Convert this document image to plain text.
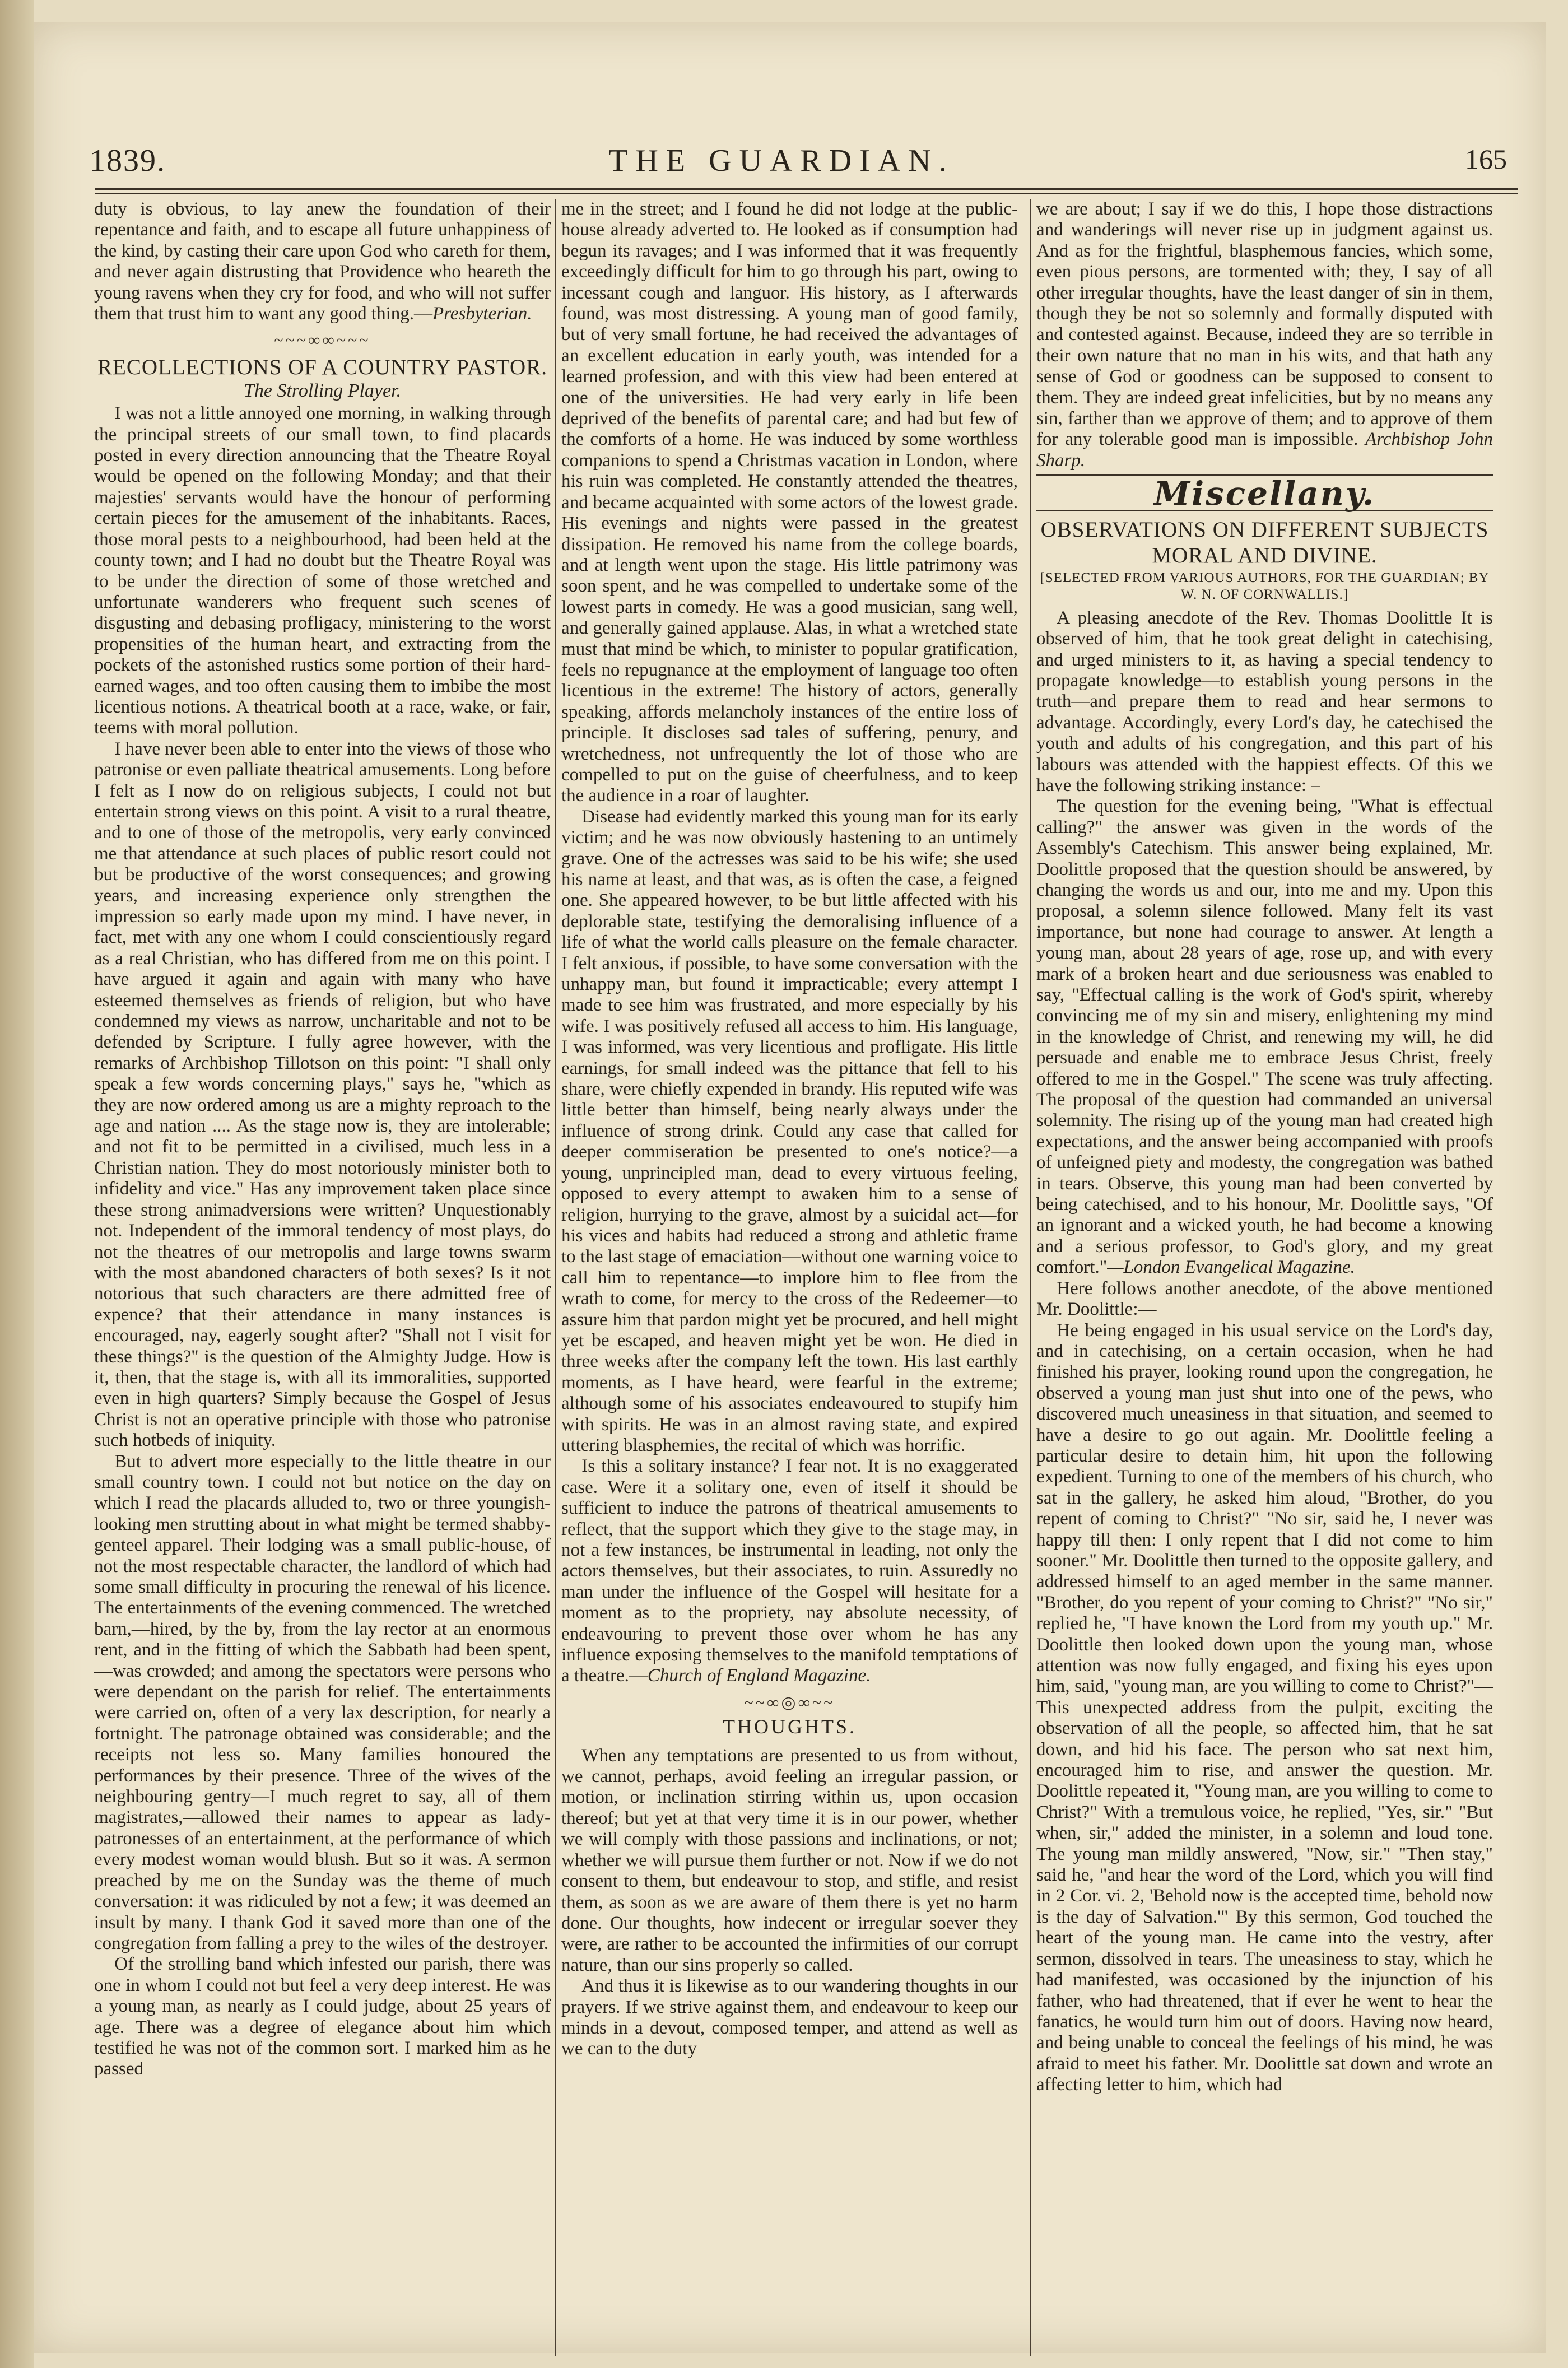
1839.	THE GUARDIAN.	165

duty is obvious, to lay anew the foundation of their repentance and faith, and to escape all future unhappiness of the kind, by casting their care upon God who careth for them, and never again distrusting that Providence who heareth the young ravens when they cry for food, and who will not suffer them that trust him to want any good thing.—Presbyterian.

~~~∞∞~~~
RECOLLECTIONS OF A COUNTRY PASTOR.
The Strolling Player.

I was not a little annoyed one morning, in walking through the principal streets of our small town, to find placards posted in every direction announcing that the Theatre Royal would be opened on the following Monday; and that their majesties' servants would have the honour of performing certain pieces for the amusement of the inhabitants. Races, those moral pests to a neighbourhood, had been held at the county town; and I had no doubt but the Theatre Royal was to be under the direction of some of those wretched and unfortunate wanderers who frequent such scenes of disgusting and debasing profligacy, ministering to the worst propensities of the human heart, and extracting from the pockets of the astonished rustics some portion of their hard-earned wages, and too often causing them to imbibe the most licentious notions. A theatrical booth at a race, wake, or fair, teems with moral pollution.

I have never been able to enter into the views of those who patronise or even palliate theatrical amusements. Long before I felt as I now do on religious subjects, I could not but entertain strong views on this point. A visit to a rural theatre, and to one of those of the metropolis, very early convinced me that attendance at such places of public resort could not but be productive of the worst consequences; and growing years, and increasing experience only strengthen the impression so early made upon my mind. I have never, in fact, met with any one whom I could conscientiously regard as a real Christian, who has differed from me on this point. I have argued it again and again with many who have esteemed themselves as friends of religion, but who have condemned my views as narrow, uncharitable and not to be defended by Scripture. I fully agree however, with the remarks of Archbishop Tillotson on this point: "I shall only speak a few words concerning plays," says he, "which as they are now ordered among us are a mighty reproach to the age and nation .... As the stage now is, they are intolerable; and not fit to be permitted in a civilised, much less in a Christian nation. They do most notoriously minister both to infidelity and vice." Has any improvement taken place since these strong animadversions were written? Unquestionably not. Independent of the immoral tendency of most plays, do not the theatres of our metropolis and large towns swarm with the most abandoned characters of both sexes? Is it not notorious that such characters are there admitted free of expence? that their attendance in many instances is encouraged, nay, eagerly sought after? "Shall not I visit for these things?" is the question of the Almighty Judge. How is it, then, that the stage is, with all its immoralities, supported even in high quarters? Simply because the Gospel of Jesus Christ is not an operative principle with those who patronise such hotbeds of iniquity.

But to advert more especially to the little theatre in our small country town. I could not but notice on the day on which I read the placards alluded to, two or three youngish-looking men strutting about in what might be termed shabby-genteel apparel. Their lodging was a small public-house, of not the most respectable character, the landlord of which had some small difficulty in procuring the renewal of his licence. The entertainments of the evening commenced. The wretched barn,—hired, by the by, from the lay rector at an enormous rent, and in the fitting of which the Sabbath had been spent,—was crowded; and among the spectators were persons who were dependant on the parish for relief. The entertainments were carried on, often of a very lax description, for nearly a fortnight. The patronage obtained was considerable; and the receipts not less so. Many families honoured the performances by their presence. Three of the wives of the neighbouring gentry—I much regret to say, all of them magistrates,—allowed their names to appear as lady-patronesses of an entertainment, at the performance of which every modest woman would blush. But so it was. A sermon preached by me on the Sunday was the theme of much conversation: it was ridiculed by not a few; it was deemed an insult by many. I thank God it saved more than one of the congregation from falling a prey to the wiles of the destroyer.

Of the strolling band which infested our parish, there was one in whom I could not but feel a very deep interest. He was a young man, as nearly as I could judge, about 25 years of age. There was a degree of elegance about him which testified he was not of the common sort. I marked him as he passed

me in the street; and I found he did not lodge at the public-house already adverted to. He looked as if consumption had begun its ravages; and I was informed that it was frequently exceedingly difficult for him to go through his part, owing to incessant cough and languor. His history, as I afterwards found, was most distressing. A young man of good family, but of very small fortune, he had received the advantages of an excellent education in early youth, was intended for a learned profession, and with this view had been entered at one of the universities. He had very early in life been deprived of the benefits of parental care; and had but few of the comforts of a home. He was induced by some worthless companions to spend a Christmas vacation in London, where his ruin was completed. He constantly attended the theatres, and became acquainted with some actors of the lowest grade. His evenings and nights were passed in the greatest dissipation. He removed his name from the college boards, and at length went upon the stage. His little patrimony was soon spent, and he was compelled to undertake some of the lowest parts in comedy. He was a good musician, sang well, and generally gained applause. Alas, in what a wretched state must that mind be which, to minister to popular gratification, feels no repugnance at the employment of language too often licentious in the extreme! The history of actors, generally speaking, affords melancholy instances of the entire loss of principle. It discloses sad tales of suffering, penury, and wretchedness, not unfrequently the lot of those who are compelled to put on the guise of cheerfulness, and to keep the audience in a roar of laughter.

Disease had evidently marked this young man for its early victim; and he was now obviously hastening to an untimely grave. One of the actresses was said to be his wife; she used his name at least, and that was, as is often the case, a feigned one. She appeared however, to be but little affected with his deplorable state, testifying the demoralising influence of a life of what the world calls pleasure on the female character. I felt anxious, if possible, to have some conversation with the unhappy man, but found it impracticable; every attempt I made to see him was frustrated, and more especially by his wife. I was positively refused all access to him. His language, I was informed, was very licentious and profligate. His little earnings, for small indeed was the pittance that fell to his share, were chiefly expended in brandy. His reputed wife was little better than himself, being nearly always under the influence of strong drink. Could any case that called for deeper commiseration be presented to one's notice?—a young, unprincipled man, dead to every virtuous feeling, opposed to every attempt to awaken him to a sense of religion, hurrying to the grave, almost by a suicidal act—for his vices and habits had reduced a strong and athletic frame to the last stage of emaciation—without one warning voice to call him to repentance—to implore him to flee from the wrath to come, for mercy to the cross of the Redeemer—to assure him that pardon might yet be procured, and hell might yet be escaped, and heaven might yet be won. He died in three weeks after the company left the town. His last earthly moments, as I have heard, were fearful in the extreme; although some of his associates endeavoured to stupify him with spirits. He was in an almost raving state, and expired uttering blasphemies, the recital of which was horrific.

Is this a solitary instance? I fear not. It is no exaggerated case. Were it a solitary one, even of itself it should be sufficient to induce the patrons of theatrical amusements to reflect, that the support which they give to the stage may, in not a few instances, be instrumental in leading, not only the actors themselves, but their associates, to ruin. Assuredly no man under the influence of the Gospel will hesitate for a moment as to the propriety, nay absolute necessity, of endeavouring to prevent those over whom he has any influence exposing themselves to the manifold temptations of a theatre.—Church of England Magazine.

~~∞◎∞~~
THOUGHTS.

When any temptations are presented to us from without, we cannot, perhaps, avoid feeling an irregular passion, or motion, or inclination stirring within us, upon occasion thereof; but yet at that very time it is in our power, whether we will comply with those passions and inclinations, or not; whether we will pursue them further or not. Now if we do not consent to them, but endeavour to stop, and stifle, and resist them, as soon as we are aware of them there is yet no harm done. Our thoughts, how indecent or irregular soever they were, are rather to be accounted the infirmities of our corrupt nature, than our sins properly so called.

And thus it is likewise as to our wandering thoughts in our prayers. If we strive against them, and endeavour to keep our minds in a devout, composed temper, and attend as well as we can to the duty

we are about; I say if we do this, I hope those distractions and wanderings will never rise up in judgment against us. And as for the frightful, blasphemous fancies, which some, even pious persons, are tormented with; they, I say of all other irregular thoughts, have the least danger of sin in them, though they be not so solemnly and formally disputed with and contested against. Because, indeed they are so terrible in their own nature that no man in his wits, and that hath any sense of God or goodness can be supposed to consent to them. They are indeed great infelicities, but by no means any sin, farther than we approve of them; and to approve of them for any tolerable good man is impossible. Archbishop John Sharp.

Miscellany.
OBSERVATIONS ON DIFFERENT SUBJECTS MORAL AND DIVINE.
[SELECTED FROM VARIOUS AUTHORS, FOR THE GUARDIAN; BY W. N. OF CORNWALLIS.]

A pleasing anecdote of the Rev. Thomas Doolittle It is observed of him, that he took great delight in catechising, and urged ministers to it, as having a special tendency to propagate knowledge—to establish young persons in the truth—and prepare them to read and hear sermons to advantage. Accordingly, every Lord's day, he catechised the youth and adults of his congregation, and this part of his labours was attended with the happiest effects. Of this we have the following striking instance: –

The question for the evening being, "What is effectual calling?" the answer was given in the words of the Assembly's Catechism. This answer being explained, Mr. Doolittle proposed that the question should be answered, by changing the words us and our, into me and my. Upon this proposal, a solemn silence followed. Many felt its vast importance, but none had courage to answer. At length a young man, about 28 years of age, rose up, and with every mark of a broken heart and due seriousness was enabled to say, "Effectual calling is the work of God's spirit, whereby convincing me of my sin and misery, enlightening my mind in the knowledge of Christ, and renewing my will, he did persuade and enable me to embrace Jesus Christ, freely offered to me in the Gospel." The scene was truly affecting. The proposal of the question had commanded an universal solemnity. The rising up of the young man had created high expectations, and the answer being accompanied with proofs of unfeigned piety and modesty, the congregation was bathed in tears. Observe, this young man had been converted by being catechised, and to his honour, Mr. Doolittle says, "Of an ignorant and a wicked youth, he had become a knowing and a serious professor, to God's glory, and my great comfort."—London Evangelical Magazine.

Here follows another anecdote, of the above mentioned Mr. Doolittle:—

He being engaged in his usual service on the Lord's day, and in catechising, on a certain occasion, when he had finished his prayer, looking round upon the congregation, he observed a young man just shut into one of the pews, who discovered much uneasiness in that situation, and seemed to have a desire to go out again. Mr. Doolittle feeling a particular desire to detain him, hit upon the following expedient. Turning to one of the members of his church, who sat in the gallery, he asked him aloud, "Brother, do you repent of coming to Christ?" "No sir, said he, I never was happy till then: I only repent that I did not come to him sooner." Mr. Doolittle then turned to the opposite gallery, and addressed himself to an aged member in the same manner. "Brother, do you repent of your coming to Christ?" "No sir," replied he, "I have known the Lord from my youth up." Mr. Doolittle then looked down upon the young man, whose attention was now fully engaged, and fixing his eyes upon him, said, "young man, are you willing to come to Christ?"—This unexpected address from the pulpit, exciting the observation of all the people, so affected him, that he sat down, and hid his face. The person who sat next him, encouraged him to rise, and answer the question. Mr. Doolittle repeated it, "Young man, are you willing to come to Christ?" With a tremulous voice, he replied, "Yes, sir." "But when, sir," added the minister, in a solemn and loud tone. The young man mildly answered, "Now, sir." "Then stay," said he, "and hear the word of the Lord, which you will find in 2 Cor. vi. 2, 'Behold now is the accepted time, behold now is the day of Salvation.'" By this sermon, God touched the heart of the young man. He came into the vestry, after sermon, dissolved in tears. The uneasiness to stay, which he had manifested, was occasioned by the injunction of his father, who had threatened, that if ever he went to hear the fanatics, he would turn him out of doors. Having now heard, and being unable to conceal the feelings of his mind, he was afraid to meet his father. Mr. Doolittle sat down and wrote an affecting letter to him, which had
